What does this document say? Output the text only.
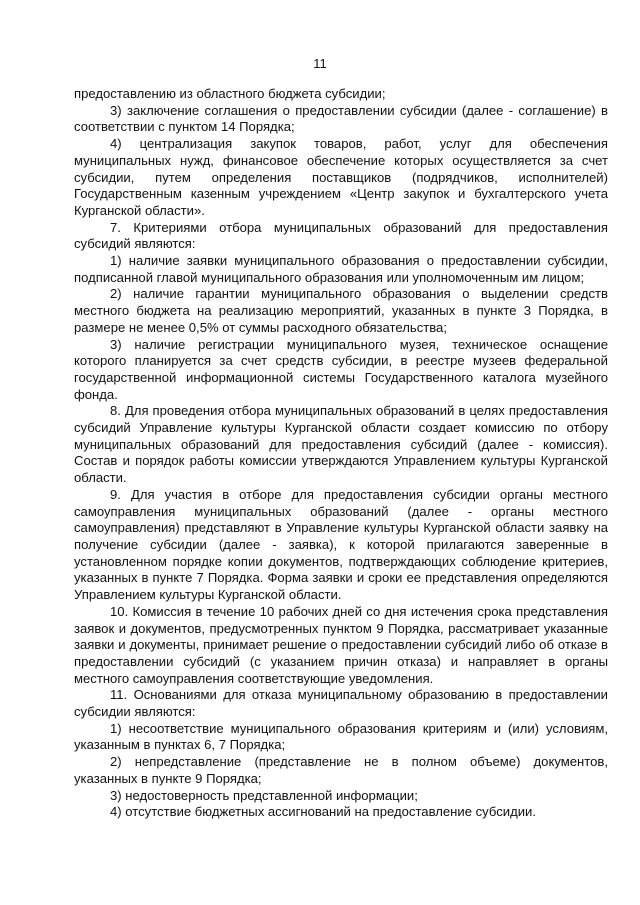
11

предоставлению из областного бюджета субсидии;

3) заключение соглашения о предоставлении субсидии (далее - соглашение) в соответствии с пунктом 14 Порядка;

4) централизация закупок товаров, работ, услуг для обеспечения муниципальных нужд, финансовое обеспечение которых осуществляется за счет субсидии, путем определения поставщиков (подрядчиков, исполнителей) Государственным казенным учреждением «Центр закупок и бухгалтерского учета Курганской области».

7. Критериями отбора муниципальных образований для предоставления субсидий являются:

1) наличие заявки муниципального образования о предоставлении субсидии, подписанной главой муниципального образования или уполномоченным им лицом;

2) наличие гарантии муниципального образования о выделении средств местного бюджета на реализацию мероприятий, указанных в пункте 3 Порядка, в размере не менее 0,5% от суммы расходного обязательства;

3) наличие регистрации муниципального музея, техническое оснащение которого планируется за счет средств субсидии, в реестре музеев федеральной государственной информационной системы Государственного каталога музейного фонда.

8. Для проведения отбора муниципальных образований в целях предоставления субсидий Управление культуры Курганской области создает комиссию по отбору муниципальных образований для предоставления субсидий (далее - комиссия). Состав и порядок работы комиссии утверждаются Управлением культуры Курганской области.

9. Для участия в отборе для предоставления субсидии органы местного самоуправления муниципальных образований (далее - органы местного самоуправления) представляют в Управление культуры Курганской области заявку на получение субсидии (далее - заявка), к которой прилагаются заверенные в установленном порядке копии документов, подтверждающих соблюдение критериев, указанных в пункте 7 Порядка. Форма заявки и сроки ее представления определяются Управлением культуры Курганской области.

10. Комиссия в течение 10 рабочих дней со дня истечения срока представления заявок и документов, предусмотренных пунктом 9 Порядка, рассматривает указанные заявки и документы, принимает решение о предоставлении субсидий либо об отказе в предоставлении субсидий (с указанием причин отказа) и направляет в органы местного самоуправления соответствующие уведомления.

11. Основаниями для отказа муниципальному образованию в предоставлении субсидии являются:

1) несоответствие муниципального образования критериям и (или) условиям, указанным в пунктах 6, 7 Порядка;

2) непредставление (представление не в полном объеме) документов, указанных в пункте 9 Порядка;

3) недостоверность представленной информации;

4) отсутствие бюджетных ассигнований на предоставление субсидии.
